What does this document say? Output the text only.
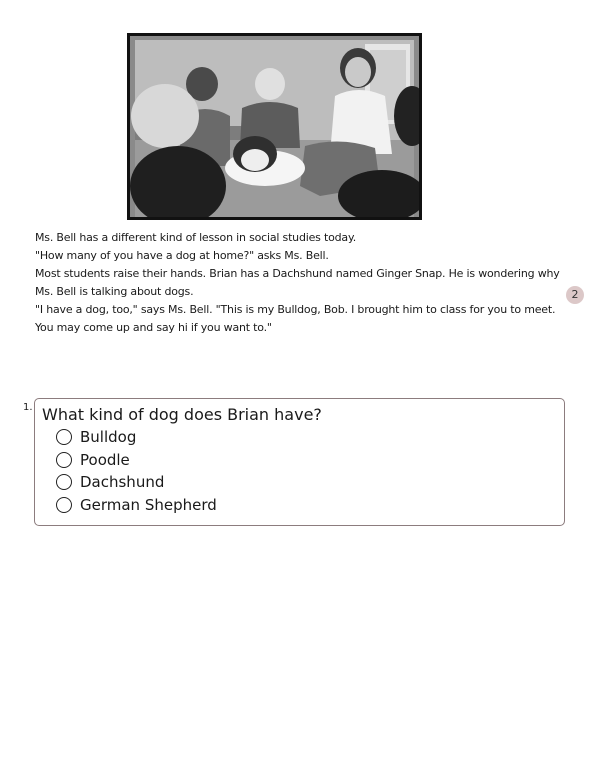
Ms. Bell has a different kind of lesson in social studies today.

"How many of you have a dog at home?" asks Ms. Bell.

Most students raise their hands. Brian has a Dachshund named Ginger Snap. He is wondering why Ms. Bell is talking about dogs.

"I have a dog, too," says Ms. Bell. "This is my Bulldog, Bob. I brought him to class for you to meet. You may come up and say hi if you want to."

2
1. What kind of dog does Brian have?
Bulldog
Poodle
Dachshund
German Shepherd
